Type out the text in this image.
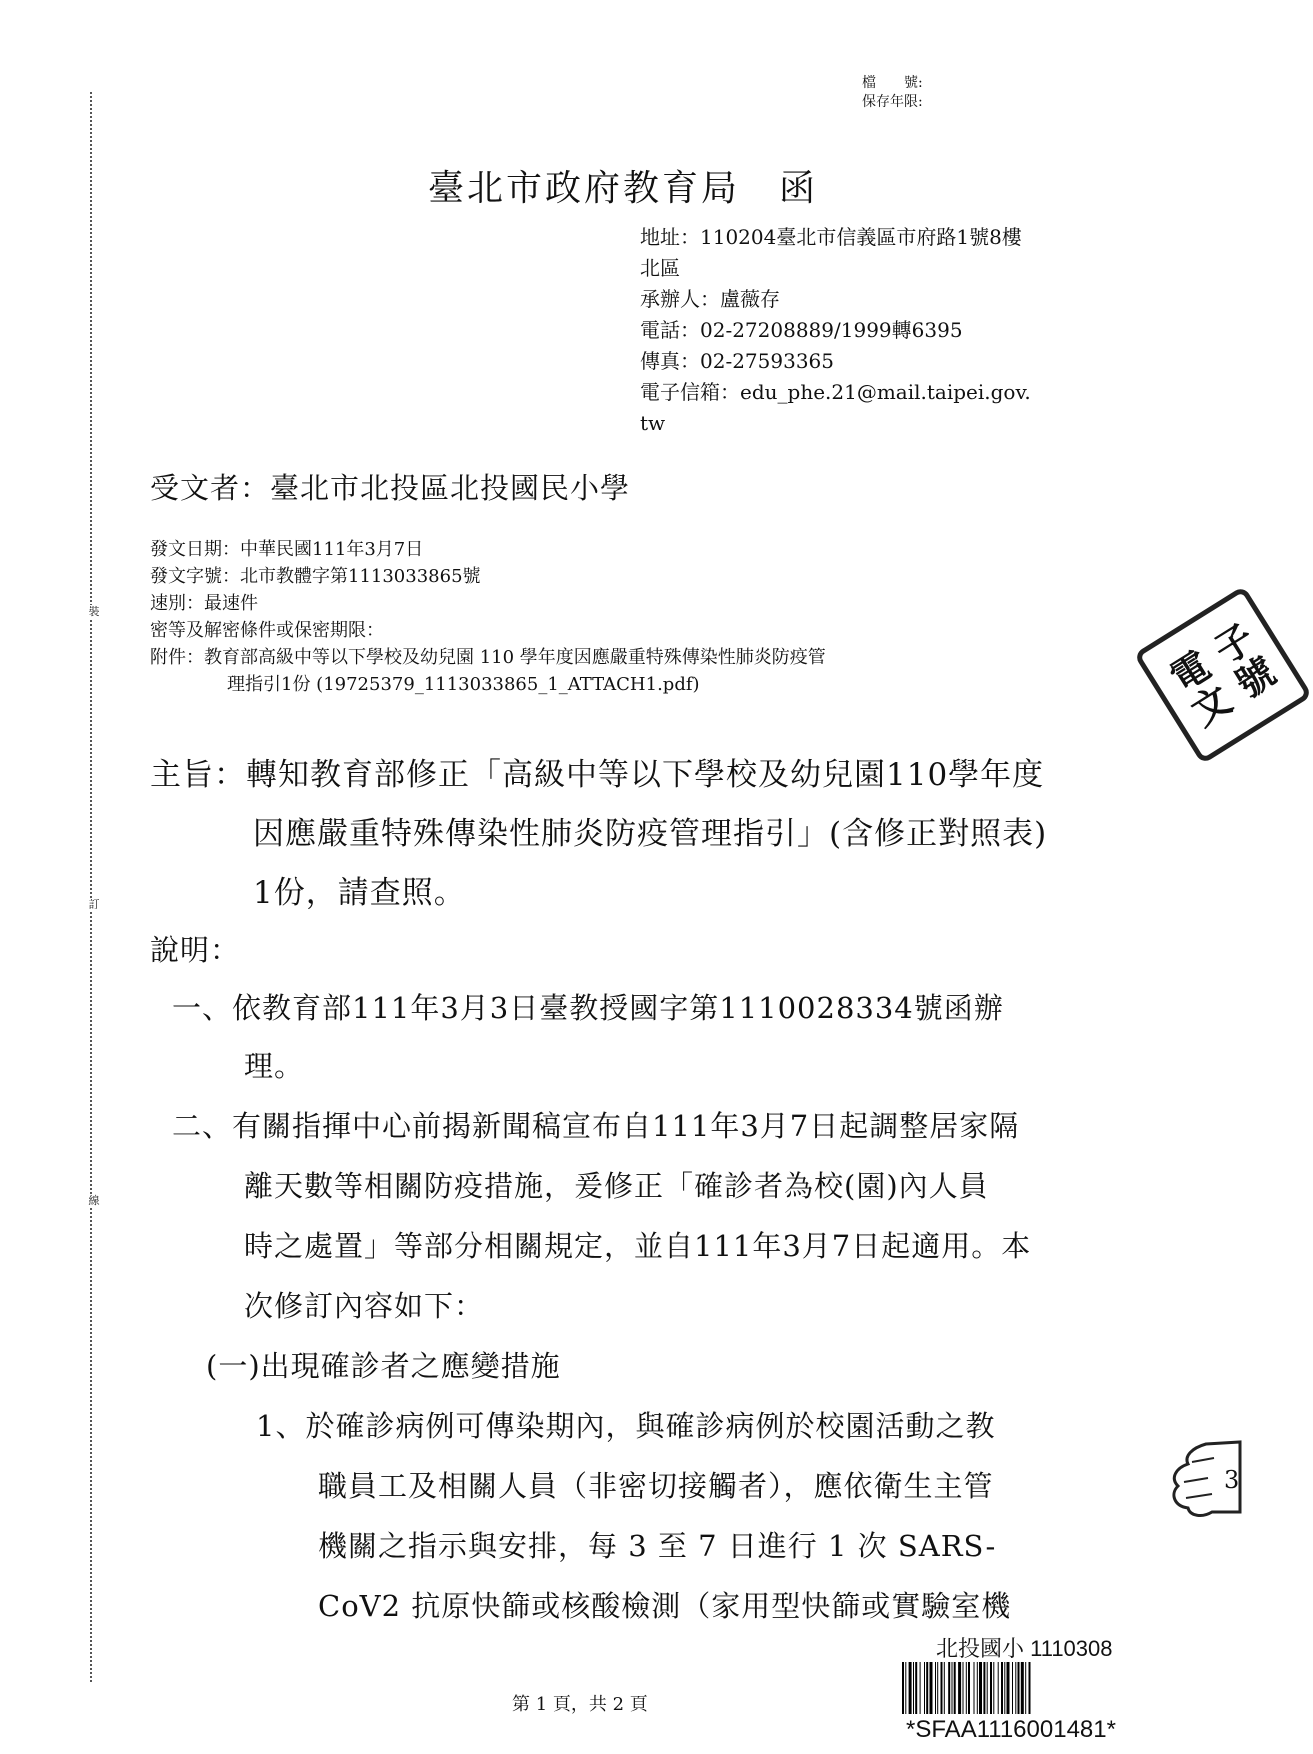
裝
訂
線
檔　　號:
保存年限:
臺北市政府教育局　函
地址：110204臺北市信義區市府路1號8樓
北區
承辦人：盧薇存
電話：02-27208889/1999轉6395
傳真：02-27593365
電子信箱：edu_phe.21@mail.taipei.gov.
tw
受文者：臺北市北投區北投國民小學
發文日期：中華民國111年3月7日
發文字號：北市教體字第1113033865號
速別：最速件
密等及解密條件或保密期限：
附件：教育部高級中等以下學校及幼兒園 110 學年度因應嚴重特殊傳染性肺炎防疫管
理指引1份 (19725379_1113033865_1_ATTACH1.pdf)
主旨：轉知教育部修正「高級中等以下學校及幼兒園110學年度
因應嚴重特殊傳染性肺炎防疫管理指引」(含修正對照表)
1份，請查照。
說明：
一、依教育部111年3月3日臺教授國字第1110028334號函辦
理。
二、有關指揮中心前揭新聞稿宣布自111年3月7日起調整居家隔
離天數等相關防疫措施，爰修正「確診者為校(園)內人員
時之處置」等部分相關規定，並自111年3月7日起適用。本
次修訂內容如下：
(一)出現確診者之應變措施
1、於確診病例可傳染期內，與確診病例於校園活動之教
職員工及相關人員（非密切接觸者），應依衛生主管
機關之指示與安排，每 3 至 7 日進行 1 次 SARS-
CoV2 抗原快篩或核酸檢測（家用型快篩或實驗室機
電
子
文
號
3
第 1 頁，共 2 頁
北投國小 1110308
*SFAA1116001481*
